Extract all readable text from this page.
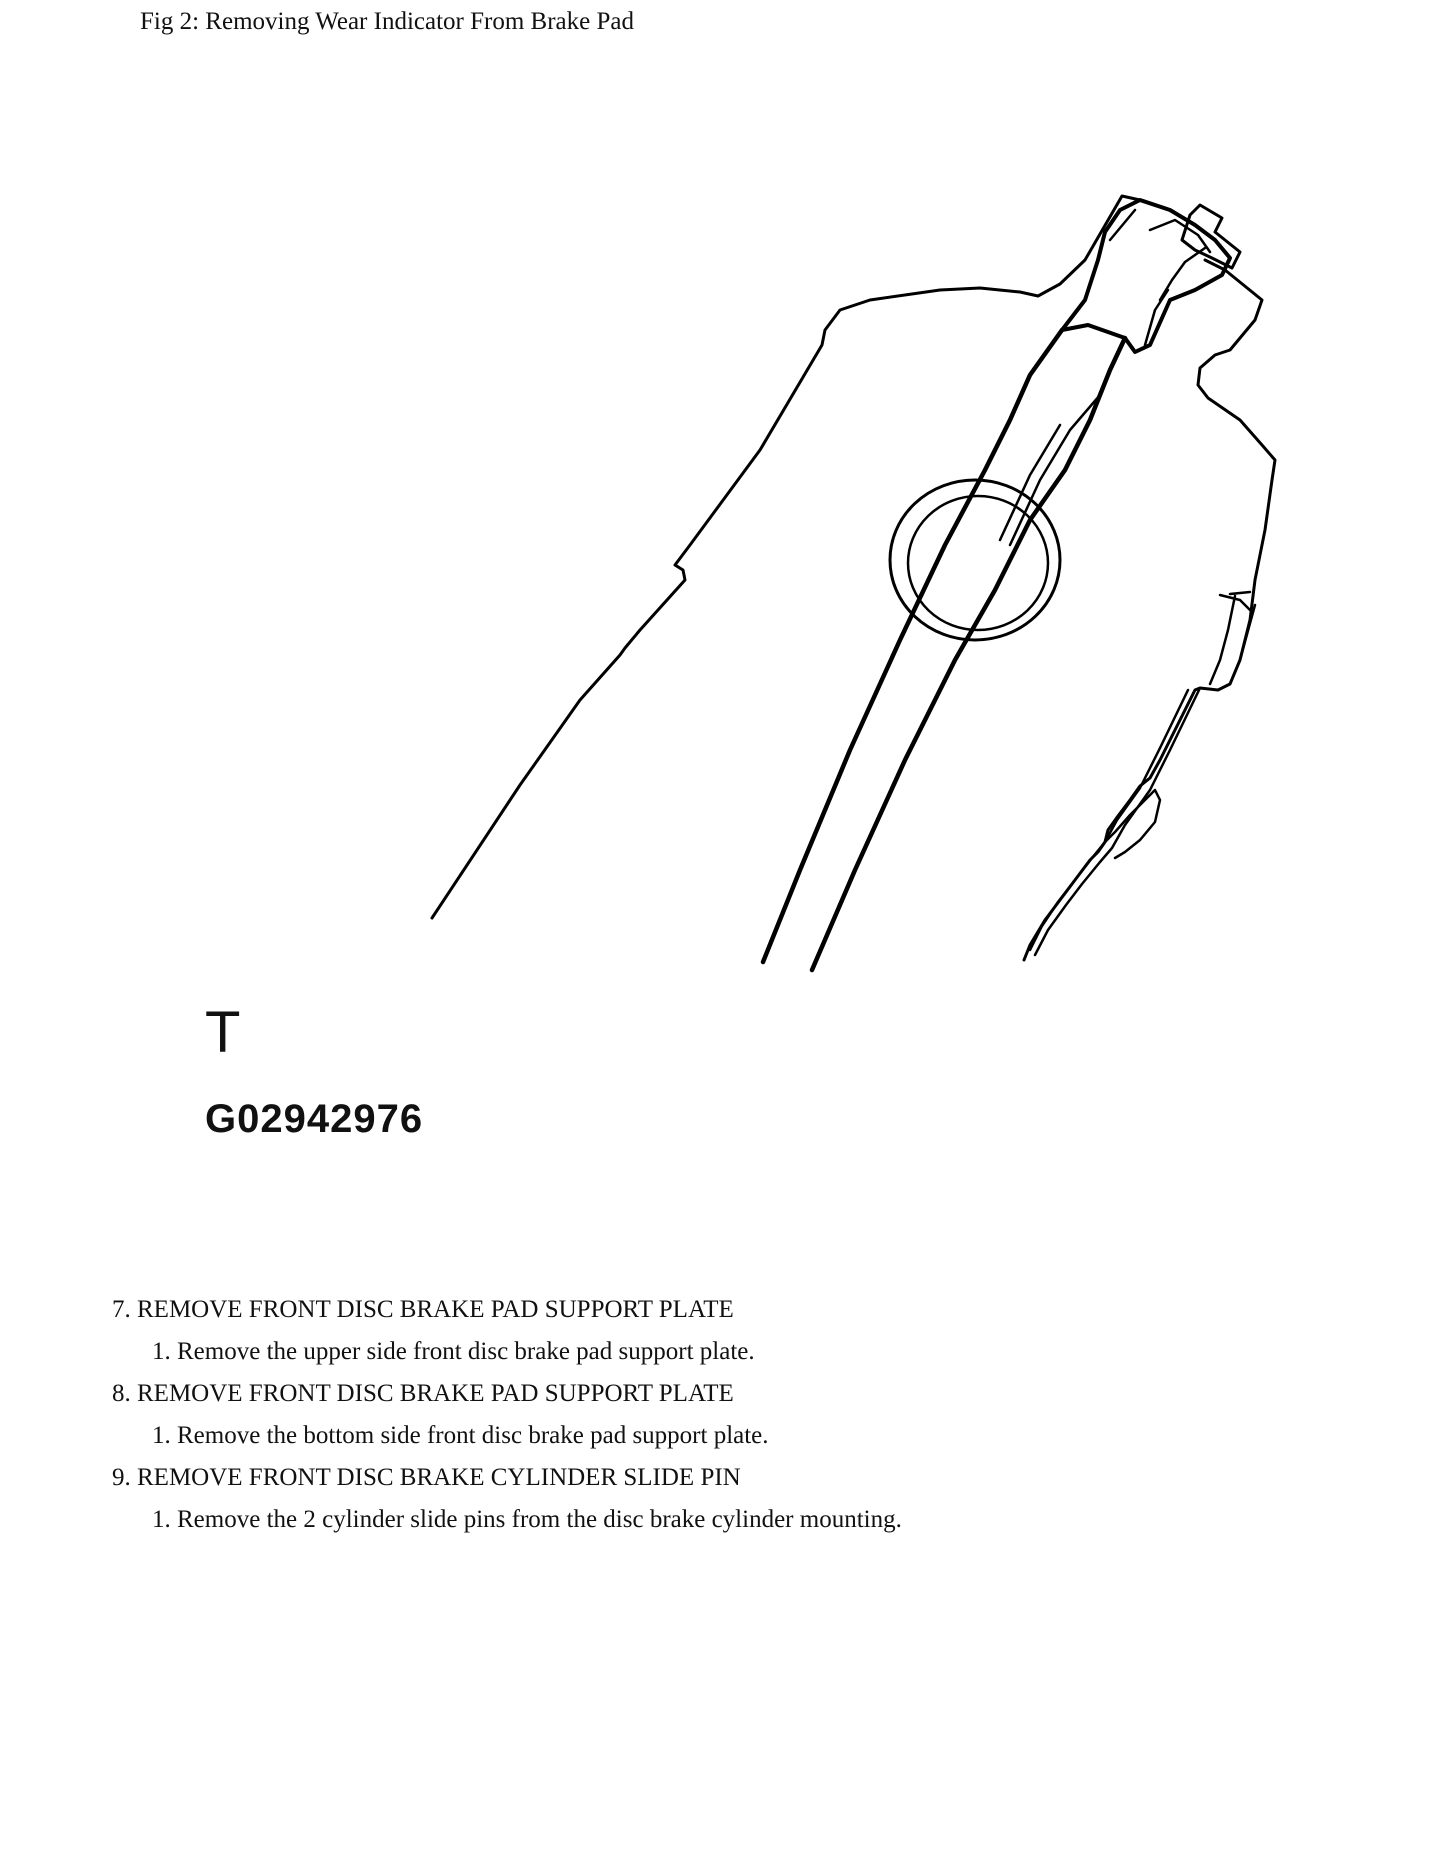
Fig 2: Removing Wear Indicator From Brake Pad
T
G02942976
7. REMOVE FRONT DISC BRAKE PAD SUPPORT PLATE
1. Remove the upper side front disc brake pad support plate.
8. REMOVE FRONT DISC BRAKE PAD SUPPORT PLATE
1. Remove the bottom side front disc brake pad support plate.
9. REMOVE FRONT DISC BRAKE CYLINDER SLIDE PIN
1. Remove the 2 cylinder slide pins from the disc brake cylinder mounting.
